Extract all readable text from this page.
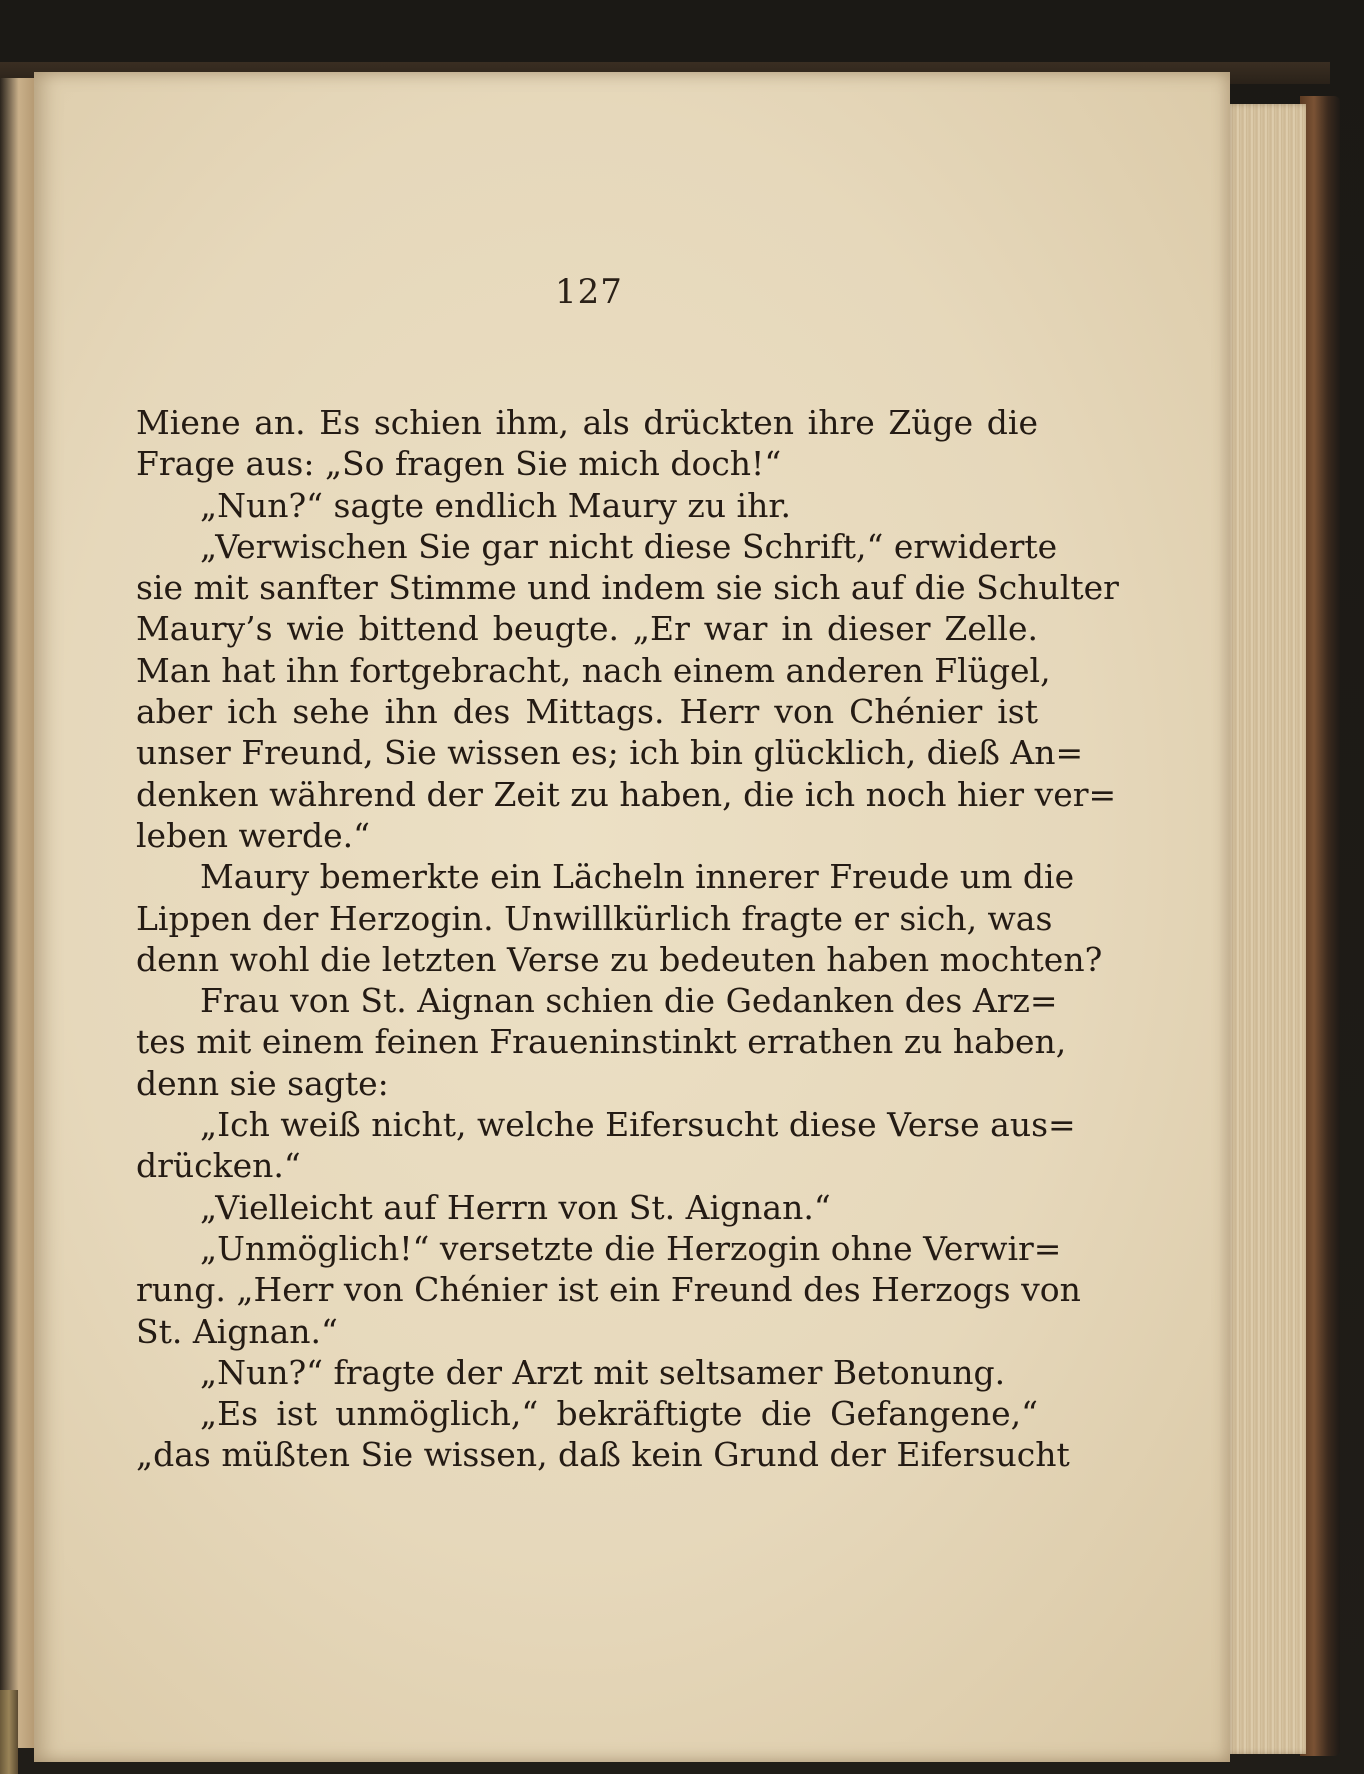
127
Miene an. Es schien ihm, als drückten ihre Züge die
Frage aus: „So fragen Sie mich doch!“
„Nun?“ sagte endlich Maury zu ihr.
„Verwischen Sie gar nicht diese Schrift,“ erwiderte
sie mit sanfter Stimme und indem sie sich auf die Schulter
Maury’s wie bittend beugte. „Er war in dieser Zelle.
Man hat ihn fortgebracht, nach einem anderen Flügel,
aber ich sehe ihn des Mittags. Herr von Chénier ist
unser Freund, Sie wissen es; ich bin glücklich, dieß An=
denken während der Zeit zu haben, die ich noch hier ver=
leben werde.“
Maury bemerkte ein Lächeln innerer Freude um die
Lippen der Herzogin. Unwillkürlich fragte er sich, was
denn wohl die letzten Verse zu bedeuten haben mochten?
Frau von St. Aignan schien die Gedanken des Arz=
tes mit einem feinen Fraueninstinkt errathen zu haben,
denn sie sagte:
„Ich weiß nicht, welche Eifersucht diese Verse aus=
drücken.“
„Vielleicht auf Herrn von St. Aignan.“
„Unmöglich!“ versetzte die Herzogin ohne Verwir=
rung. „Herr von Chénier ist ein Freund des Herzogs von
St. Aignan.“
„Nun?“ fragte der Arzt mit seltsamer Betonung.
„Es ist unmöglich,“ bekräftigte die Gefangene,“
„das müßten Sie wissen, daß kein Grund der Eifersucht
